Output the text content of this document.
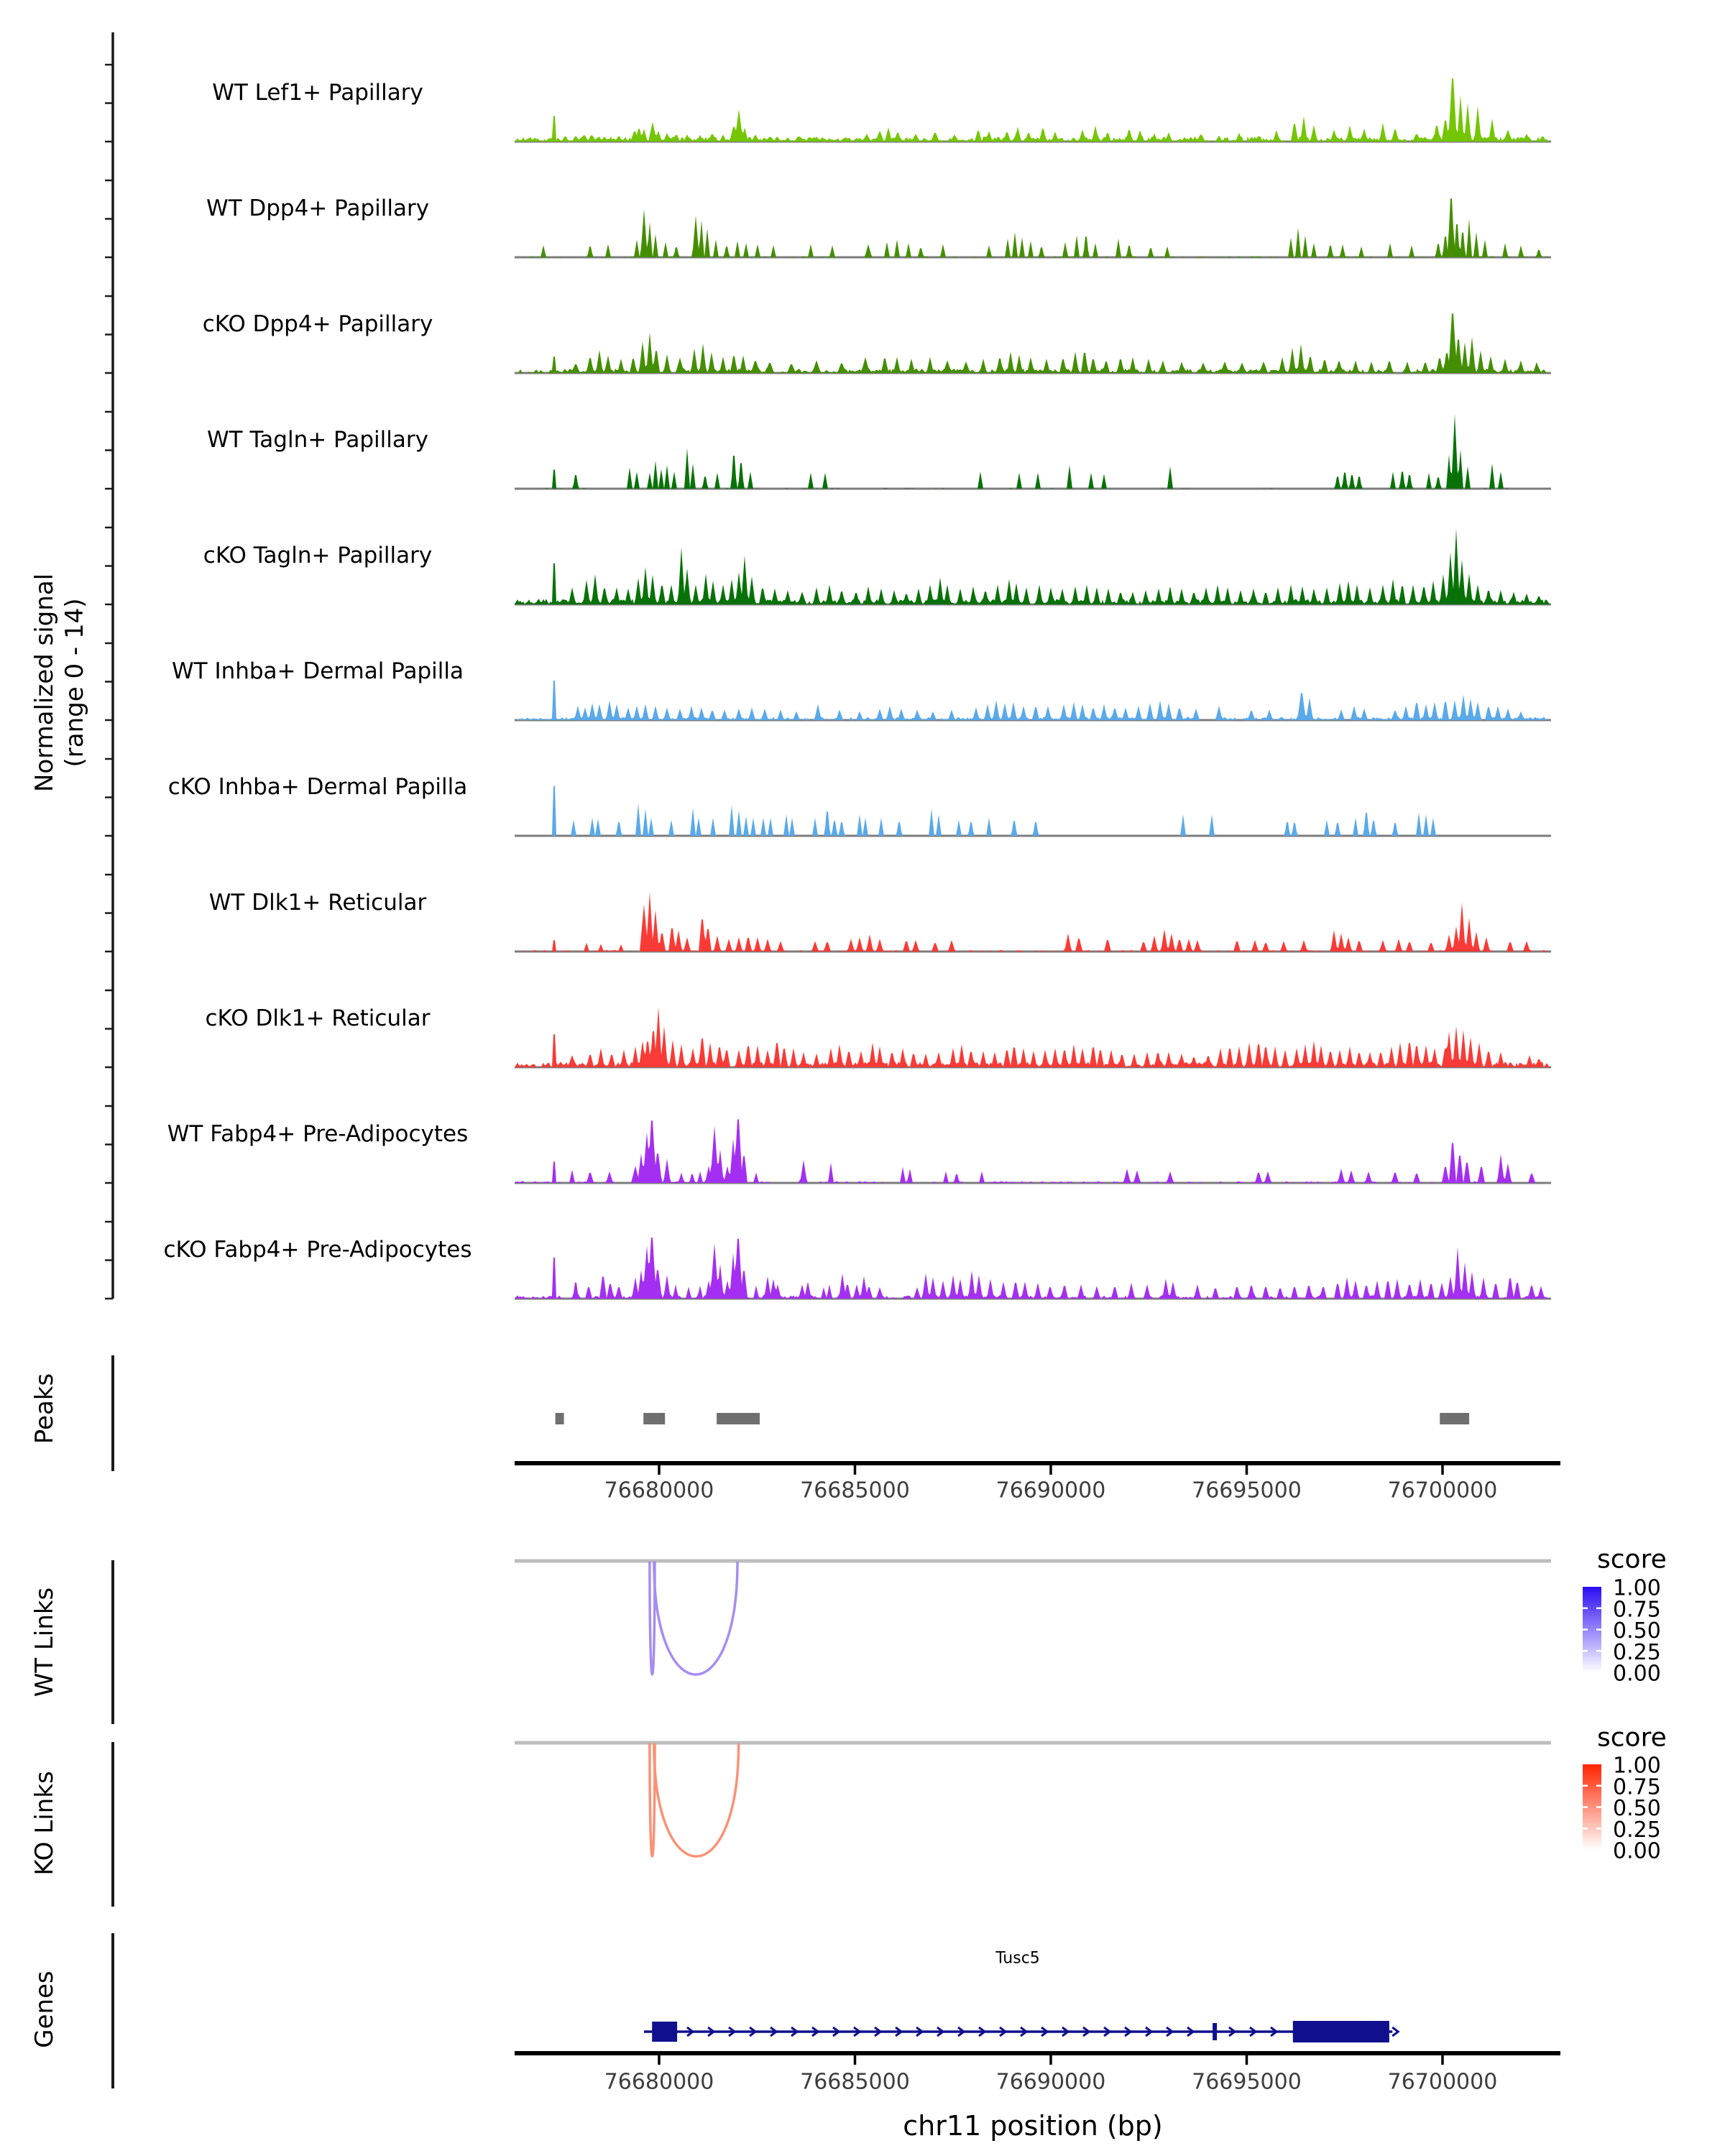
76680000	76685000	76690000	76695000	76700000
76680000	76685000	76690000	76695000	76700000
WT Lef1+ Papillary
WT Dpp4+ Papillary
cKO Dpp4+ Papillary
WT Tagln+ Papillary
cKO Tagln+ Papillary
WT Inhba+ Dermal Papilla
cKO Inhba+ Dermal Papilla
WT Dlk1+ Reticular
cKO Dlk1+ Reticular
WT Fabp4+ Pre-Adipocytes
cKO Fabp4+ Pre-Adipocytes
1.00
0.75
0.50
0.25
0.00
1.00
0.75
0.50
0.25
0.00
Normalized signal (range 0 - 14)
Peaks
WT Links
KO Links
Genes
score
score
Tusc5
chr11 position (bp)
